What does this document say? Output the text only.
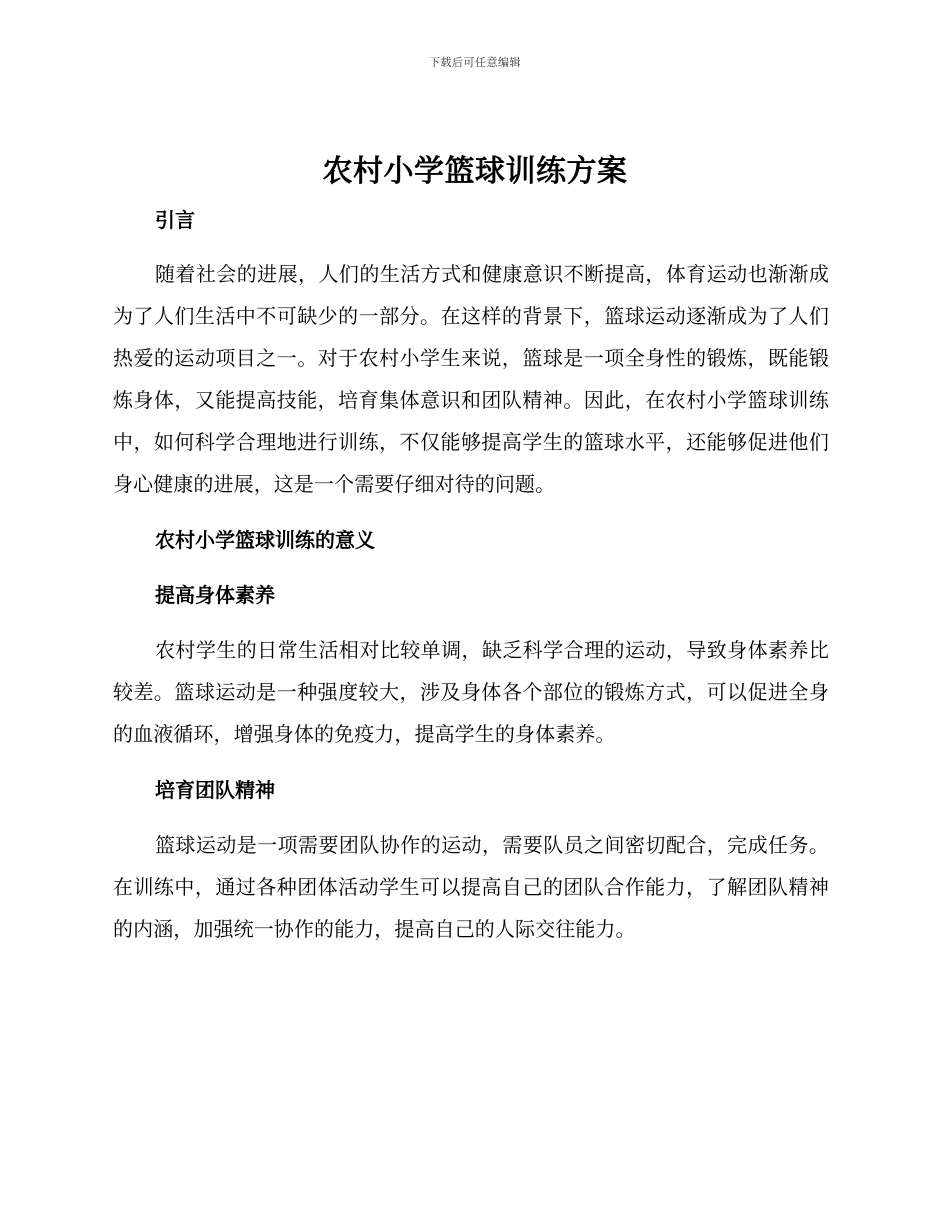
下载后可任意编辑
农村小学篮球训练方案
引言

随着社会的进展，人们的生活方式和健康意识不断提高，体育运动也渐渐成为了人们生活中不可缺少的一部分。在这样的背景下，篮球运动逐渐成为了人们热爱的运动项目之一。对于农村小学生来说，篮球是一项全身性的锻炼，既能锻炼身体，又能提高技能，培育集体意识和团队精神。因此，在农村小学篮球训练中，如何科学合理地进行训练，不仅能够提高学生的篮球水平，还能够促进他们身心健康的进展，这是一个需要仔细对待的问题。

农村小学篮球训练的意义
提高身体素养

农村学生的日常生活相对比较单调，缺乏科学合理的运动，导致身体素养比较差。篮球运动是一种强度较大，涉及身体各个部位的锻炼方式，可以促进全身的血液循环，增强身体的免疫力，提高学生的身体素养。

培育团队精神

篮球运动是一项需要团队协作的运动，需要队员之间密切配合，完成任务。在训练中，通过各种团体活动学生可以提高自己的团队合作能力，了解团队精神的内涵，加强统一协作的能力，提高自己的人际交往能力。
